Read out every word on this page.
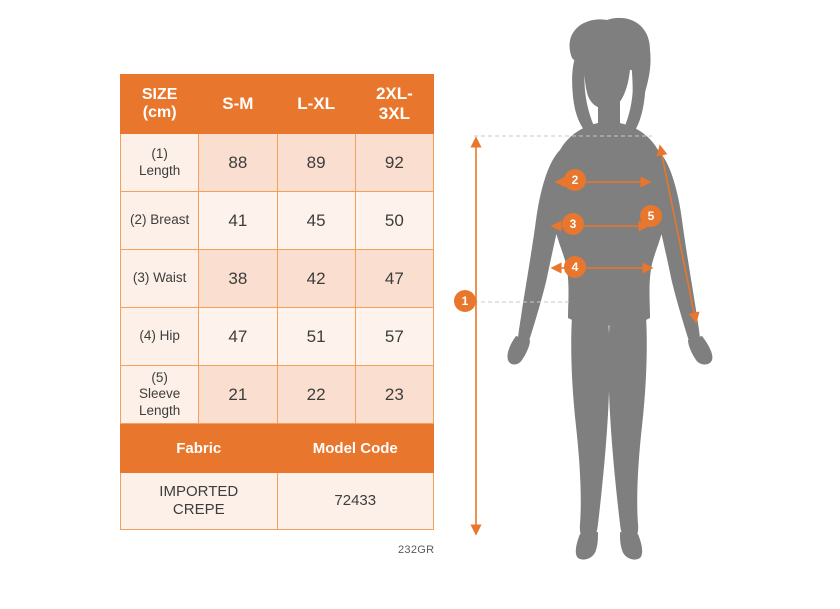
SIZE
(cm)	S-M	L-XL	2XL-
3XL
(1)
Length	88	89	92
(2) Breast	41	45	50
(3) Waist	38	42	47
(4) Hip	47	51	57
(5)
Sleeve
Length	21	22	23
Fabric		Model Code	
IMPORTED
CREPE		72433	
232GR
1
2
3
4
5
